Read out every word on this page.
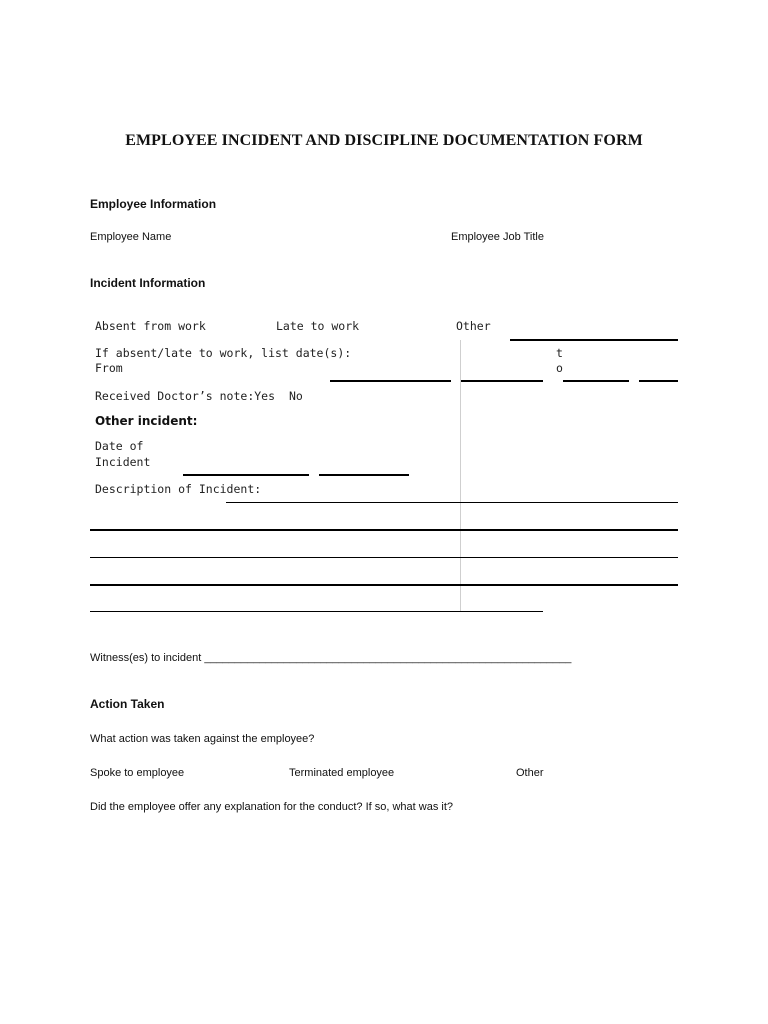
EMPLOYEE INCIDENT AND DISCIPLINE DOCUMENTATION FORM
Employee Information
Employee Name	Employee Job Title
Incident Information
Absent from work	Late to work	Other
If absent/late to work, list date(s):
From
t
o
Received Doctor’s note:Yes No
Other incident:
Date of
Incident
Description of Incident:
Witness(es) to incident ____________________________________________________________
Action Taken
What action was taken against the employee?
Spoke to employee	Terminated employee	Other
Did the employee offer any explanation for the conduct? If so, what was it?
